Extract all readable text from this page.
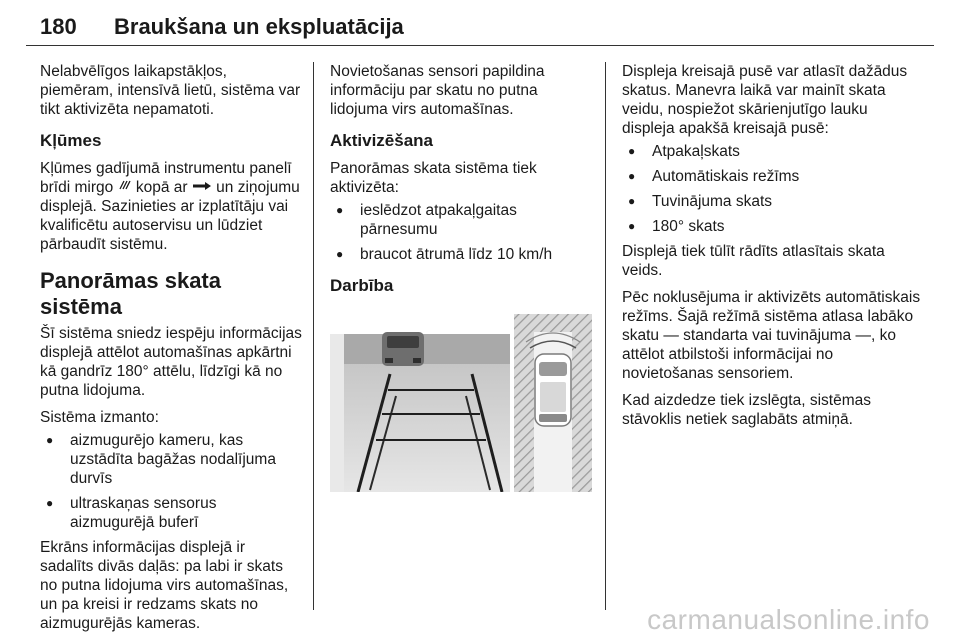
180 Braukšana un ekspluatācija

Nelabvēlīgos laikapstākļos, piemēram, intensīvā lietū, sistēma var tikt aktivizēta nepamatoti.

Kļūmes

Kļūmes gadījumā instrumentu panelī brīdi mirgo kopā ar un ziņojumu displejā. Sazinieties ar izplatītāju vai kvalificētu autoservisu un lūdziet pārbaudīt sistēmu.

Panorāmas skata sistēma

Šī sistēma sniedz iespēju informācijas displejā attēlot automašīnas apkārtni kā gandrīz 180° attēlu, līdzīgi kā no putna lidojuma.

Sistēma izmanto:

● aizmugurējo kameru, kas uzstādīta bagāžas nodalījuma durvīs
● ultraskaņas sensorus aizmugurējā buferī

Ekrāns informācijas displejā ir sadalīts divās daļās: pa labi ir skats no putna lidojuma virs automašīnas, un pa kreisi ir redzams skats no aizmugurējās kameras.

Novietošanas sensori papildina informāciju par skatu no putna lidojuma virs automašīnas.

Aktivizēšana

Panorāmas skata sistēma tiek aktivizēta:

● ieslēdzot atpakaļgaitas pārnesumu
● braucot ātrumā līdz 10 km/h
Darbība

Displeja kreisajā pusē var atlasīt dažādus skatus. Manevra laikā var mainīt skata veidu, nospiežot skārienjutīgo lauku displeja apakšā kreisajā pusē:

● Atpakaļskats
● Automātiskais režīms
● Tuvinājuma skats
● 180° skats

Displejā tiek tūlīt rādīts atlasītais skata veids.

Pēc noklusējuma ir aktivizēts automātiskais režīms. Šajā režīmā sistēma atlasa labāko skatu — standarta vai tuvinājuma —, ko attēlot atbilstoši informācijai no novietošanas sensoriem.

Kad aizdedze tiek izslēgta, sistēmas stāvoklis netiek saglabāts atmiņā.

carmanualsonline.info
